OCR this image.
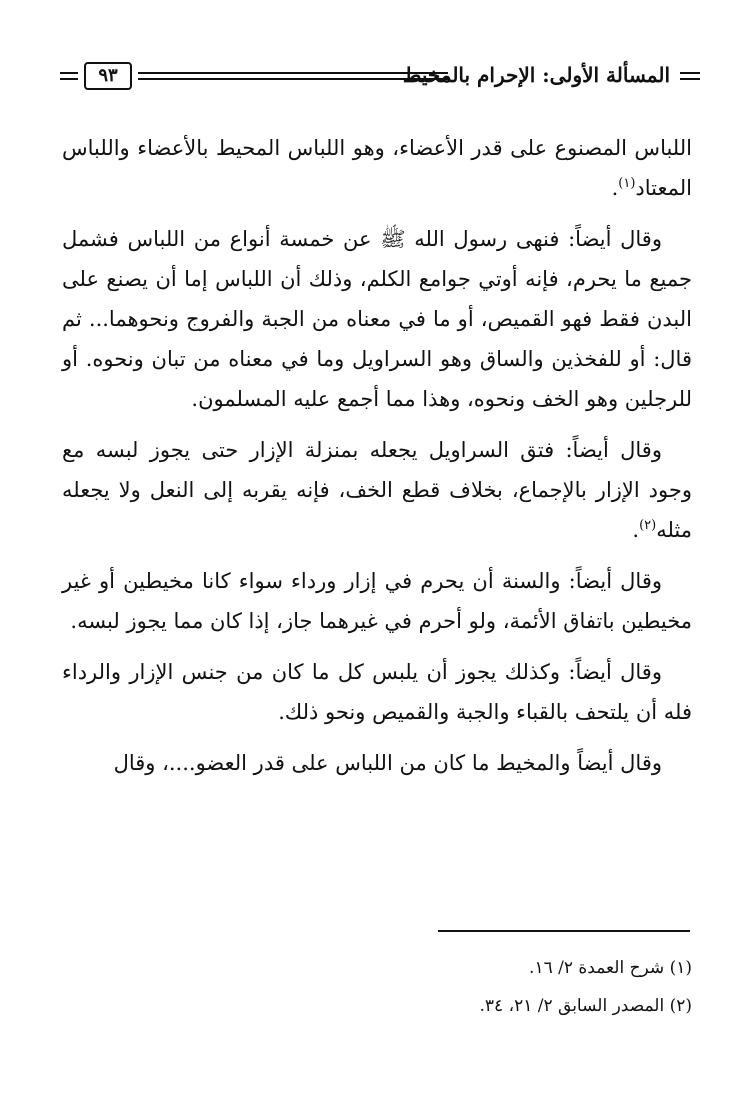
٩٣	المسألة الأولى: الإحرام بالمخيط

اللباس المصنوع على قدر الأعضاء، وهو اللباس المحيط بالأعضاء واللباس المعتاد$^{(١)}$.

وقال أيضاً: فنهى رسول الله ﷺ عن خمسة أنواع من اللباس فشمل جميع ما يحرم، فإنه أوتي جوامع الكلم، وذلك أن اللباس إما أن يصنع على البدن فقط فهو القميص، أو ما في معناه من الجبة والفروج ونحوهما... ثم قال: أو للفخذين والساق وهو السراويل وما في معناه من تبان ونحوه. أو للرجلين وهو الخف ونحوه، وهذا مما أجمع عليه المسلمون.

وقال أيضاً: فتق السراويل يجعله بمنزلة الإزار حتى يجوز لبسه مع وجود الإزار بالإجماع، بخلاف قطع الخف، فإنه يقربه إلى النعل ولا يجعله مثله$^{(٢)}$.

وقال أيضاً: والسنة أن يحرم في إزار ورداء سواء كانا مخيطين أو غير مخيطين باتفاق الأئمة، ولو أحرم في غيرهما جاز، إذا كان مما يجوز لبسه.

وقال أيضاً: وكذلك يجوز أن يلبس كل ما كان من جنس الإزار والرداء فله أن يلتحف بالقباء والجبة والقميص ونحو ذلك.

وقال أيضاً والمخيط ما كان من اللباس على قدر العضو....، وقال

(١) شرح العمدة ٢/ ١٦.

(٢) المصدر السابق ٢/ ٢١، ٣٤.
